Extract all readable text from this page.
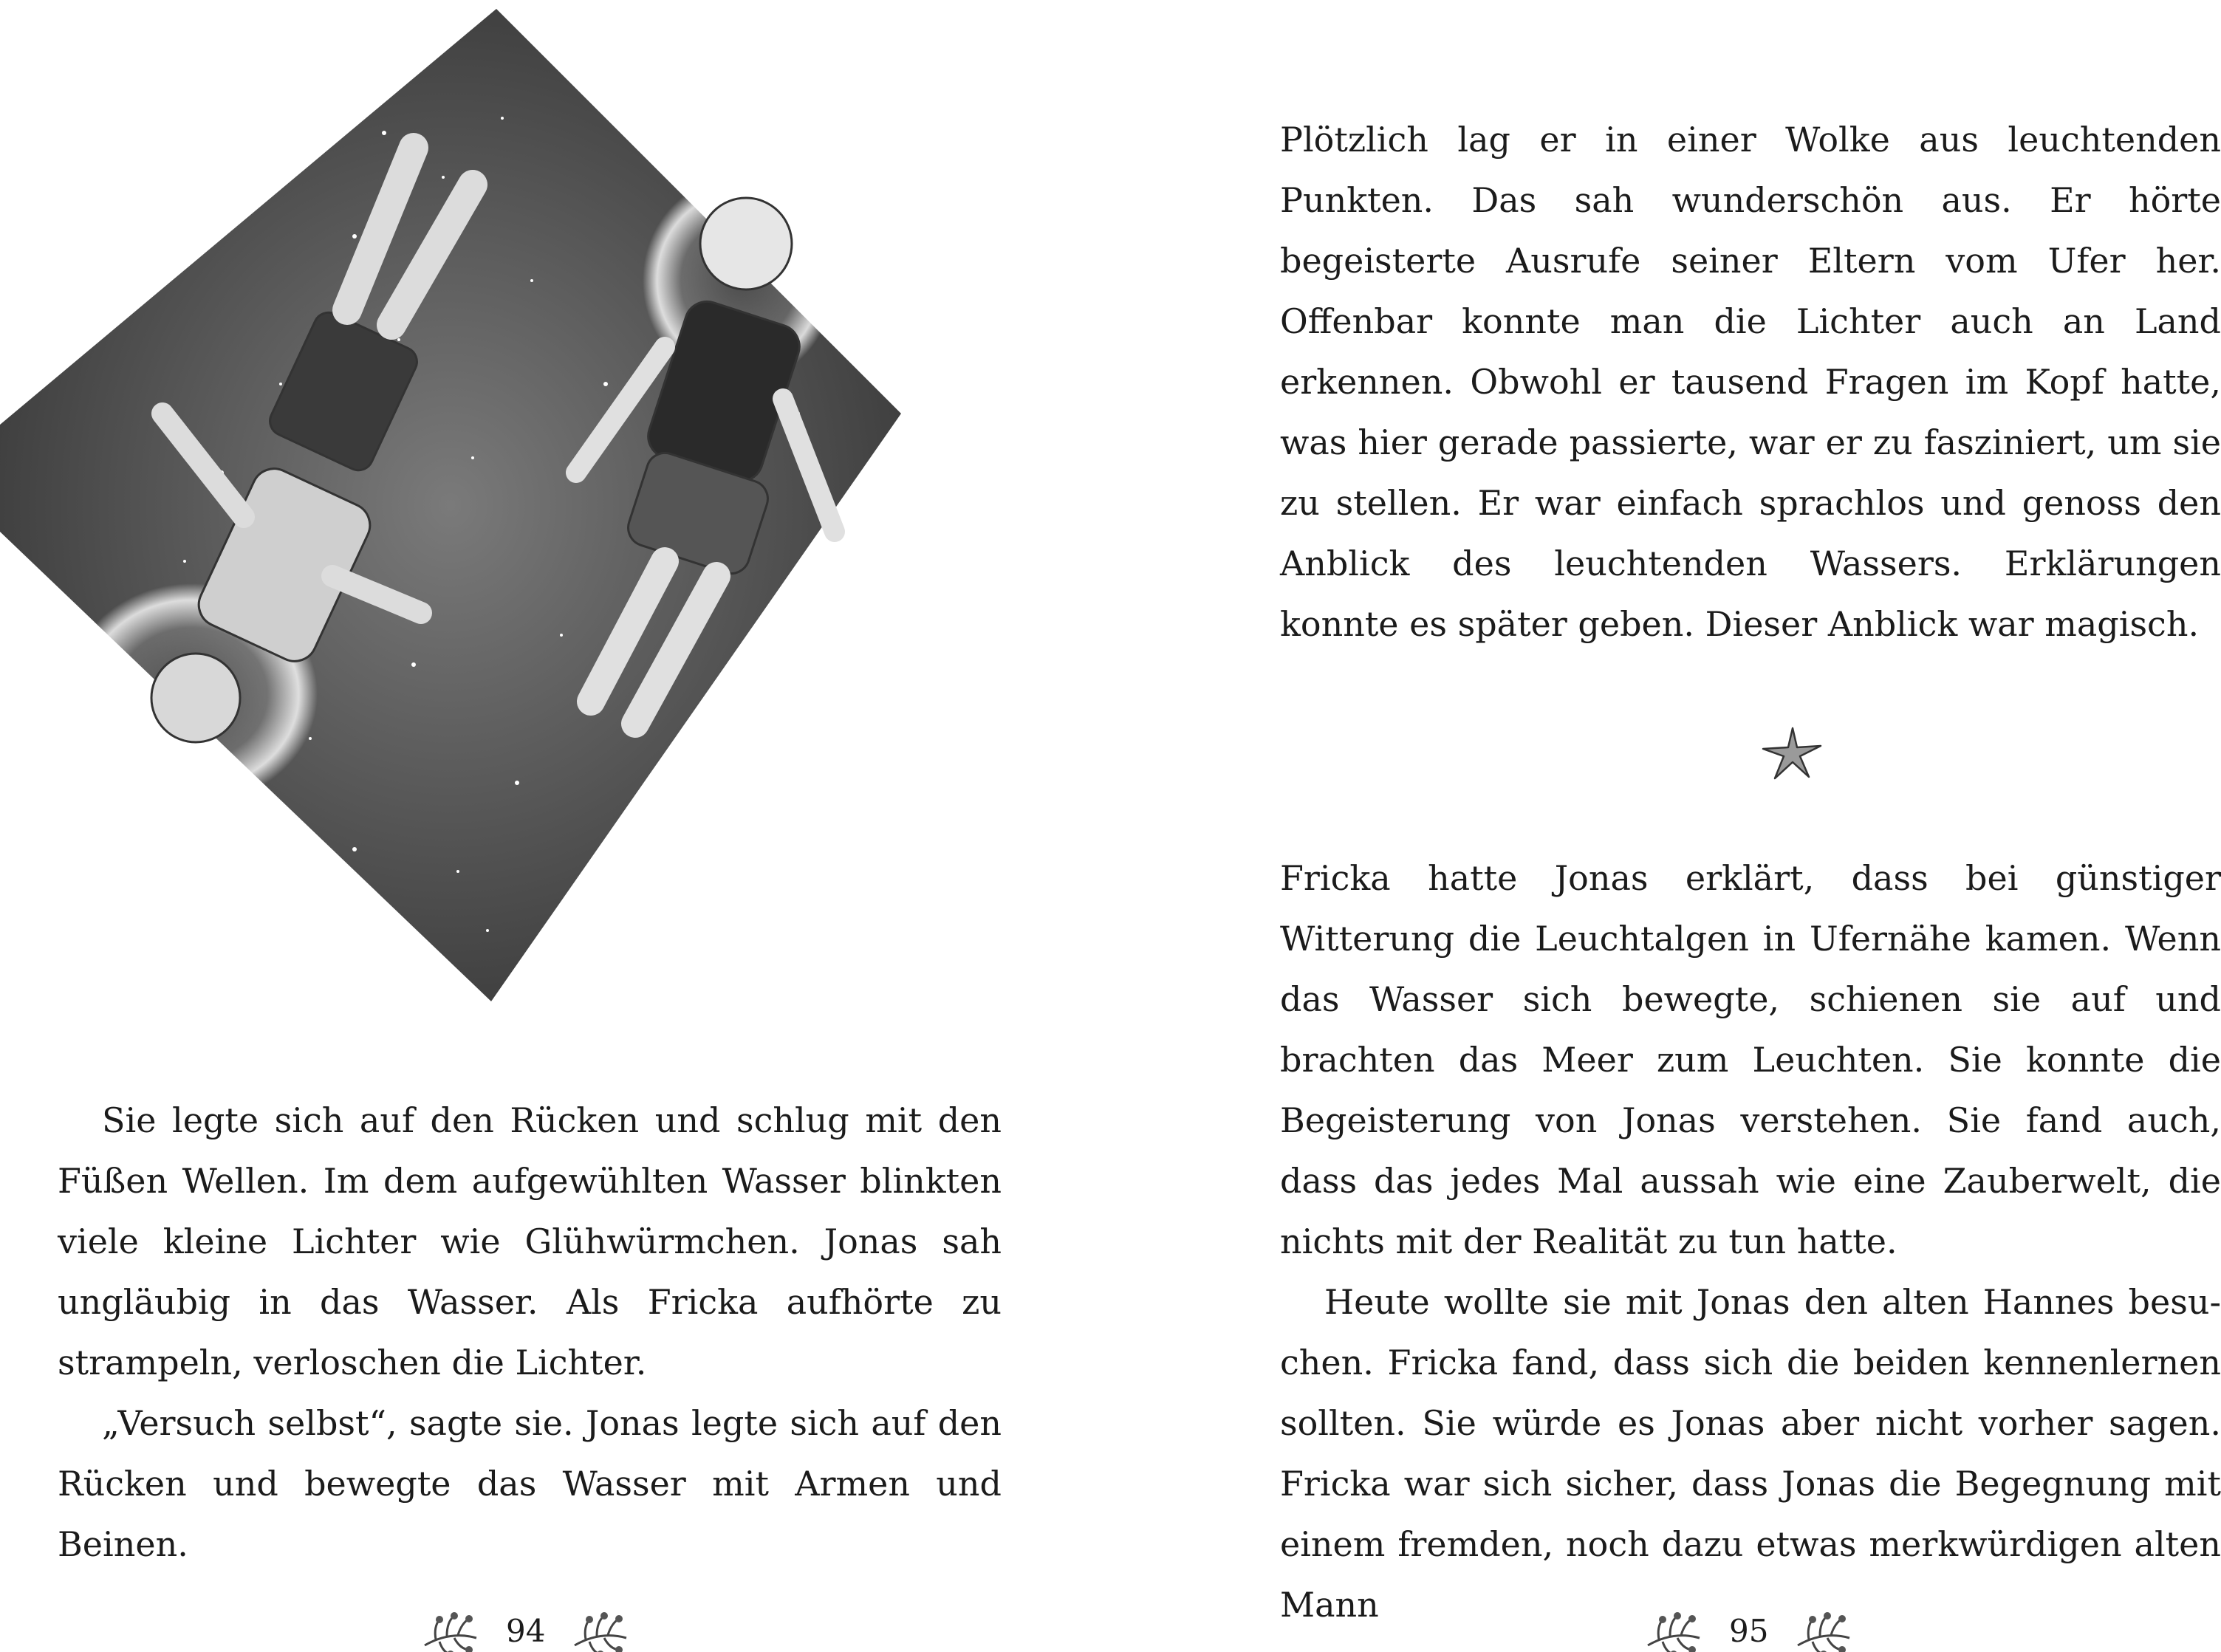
Sie legte sich auf den Rücken und schlug mit den Füßen Wellen. Im dem aufgewühlten Wasser blinkten viele kleine Lichter wie Glühwürmchen. Jonas sah ungläubig in das Wasser. Als Fricka aufhörte zu strampeln, verloschen die Lichter.

„Versuch selbst“, sagte sie. Jonas legte sich auf den Rücken und bewegte das Wasser mit Armen und Beinen.

94

Plötzlich lag er in einer Wolke aus leuchtenden Punkten. Das sah wunderschön aus. Er hörte begeisterte Ausrufe seiner Eltern vom Ufer her. Offenbar konnte man die Lichter auch an Land erkennen. Obwohl er tausend Fragen im Kopf hatte, was hier gerade passierte, war er zu fasziniert, um sie zu stellen. Er war einfach sprachlos und genoss den Anblick des leuchtenden Wassers. Erklärungen konnte es später geben. Dieser Anblick war magisch.

Fricka hatte Jonas erklärt, dass bei günstiger Witterung die Leuchtalgen in Ufernähe kamen. Wenn das Wasser sich bewegte, schienen sie auf und brachten das Meer zum Leuchten. Sie konnte die Begeisterung von Jonas verstehen. Sie fand auch, dass das jedes Mal aussah wie eine Zauberwelt, die nichts mit der Realität zu tun hatte.

Heute wollte sie mit Jonas den alten Hannes besuchen. Fricka fand, dass sich die beiden kennenlernen sollten. Sie würde es Jonas aber nicht vorher sagen. Fricka war sich sicher, dass Jonas die Begegnung mit einem fremden, noch dazu etwas merkwürdigen alten Mann

95
